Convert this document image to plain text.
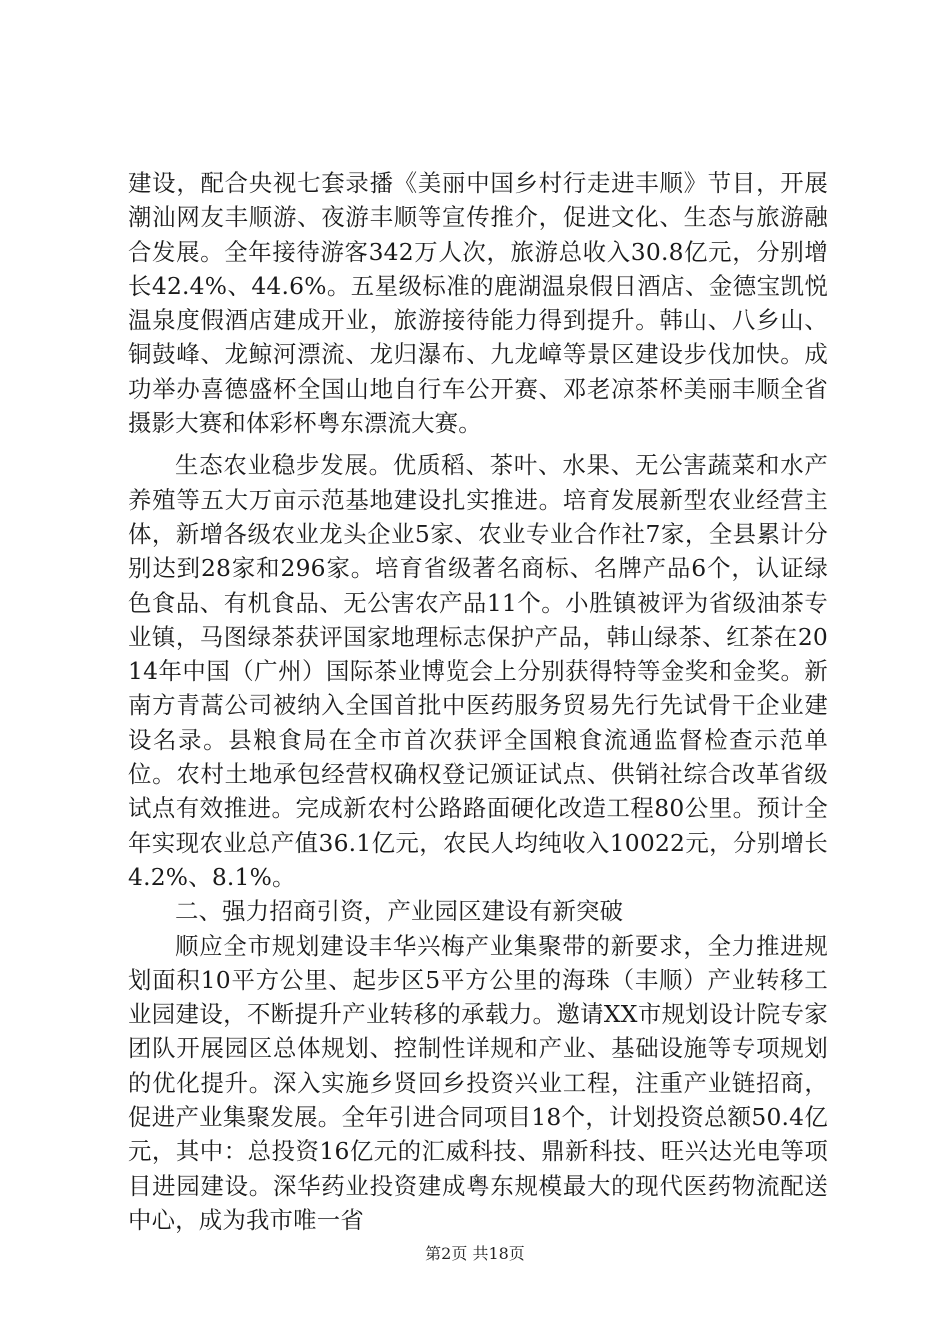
建设，配合央视七套录播《美丽中国乡村行走进丰顺》节目，开展潮汕网友丰顺游、夜游丰顺等宣传推介，促进文化、生态与旅游融合发展。全年接待游客342万人次，旅游总收入30.8亿元，分别增长42.4%、44.6%。五星级标准的鹿湖温泉假日酒店、金德宝凯悦温泉度假酒店建成开业，旅游接待能力得到提升。韩山、八乡山、铜鼓峰、龙鲸河漂流、龙归瀑布、九龙嶂等景区建设步伐加快。成功举办喜德盛杯全国山地自行车公开赛、邓老凉茶杯美丽丰顺全省摄影大赛和体彩杯粤东漂流大赛。

生态农业稳步发展。优质稻、茶叶、水果、无公害蔬菜和水产养殖等五大万亩示范基地建设扎实推进。培育发展新型农业经营主体，新增各级农业龙头企业5家、农业专业合作社7家，全县累计分别达到28家和296家。培育省级著名商标、名牌产品6个，认证绿色食品、有机食品、无公害农产品11个。小胜镇被评为省级油茶专业镇，马图绿茶获评国家地理标志保护产品，韩山绿茶、红茶在2014年中国（广州）国际茶业博览会上分别获得特等金奖和金奖。新南方青蒿公司被纳入全国首批中医药服务贸易先行先试骨干企业建设名录。县粮食局在全市首次获评全国粮食流通监督检查示范单位。农村土地承包经营权确权登记颁证试点、供销社综合改革省级试点有效推进。完成新农村公路路面硬化改造工程80公里。预计全年实现农业总产值36.1亿元，农民人均纯收入10022元，分别增长4.2%、8.1%。

二、强力招商引资，产业园区建设有新突破

顺应全市规划建设丰华兴梅产业集聚带的新要求，全力推进规划面积10平方公里、起步区5平方公里的海珠（丰顺）产业转移工业园建设，不断提升产业转移的承载力。邀请XX市规划设计院专家团队开展园区总体规划、控制性详规和产业、基础设施等专项规划的优化提升。深入实施乡贤回乡投资兴业工程，注重产业链招商，促进产业集聚发展。全年引进合同项目18个，计划投资总额50.4亿元，其中：总投资16亿元的汇威科技、鼎新科技、旺兴达光电等项目进园建设。深华药业投资建成粤东规模最大的现代医药物流配送中心，成为我市唯一省

第2页 共18页
